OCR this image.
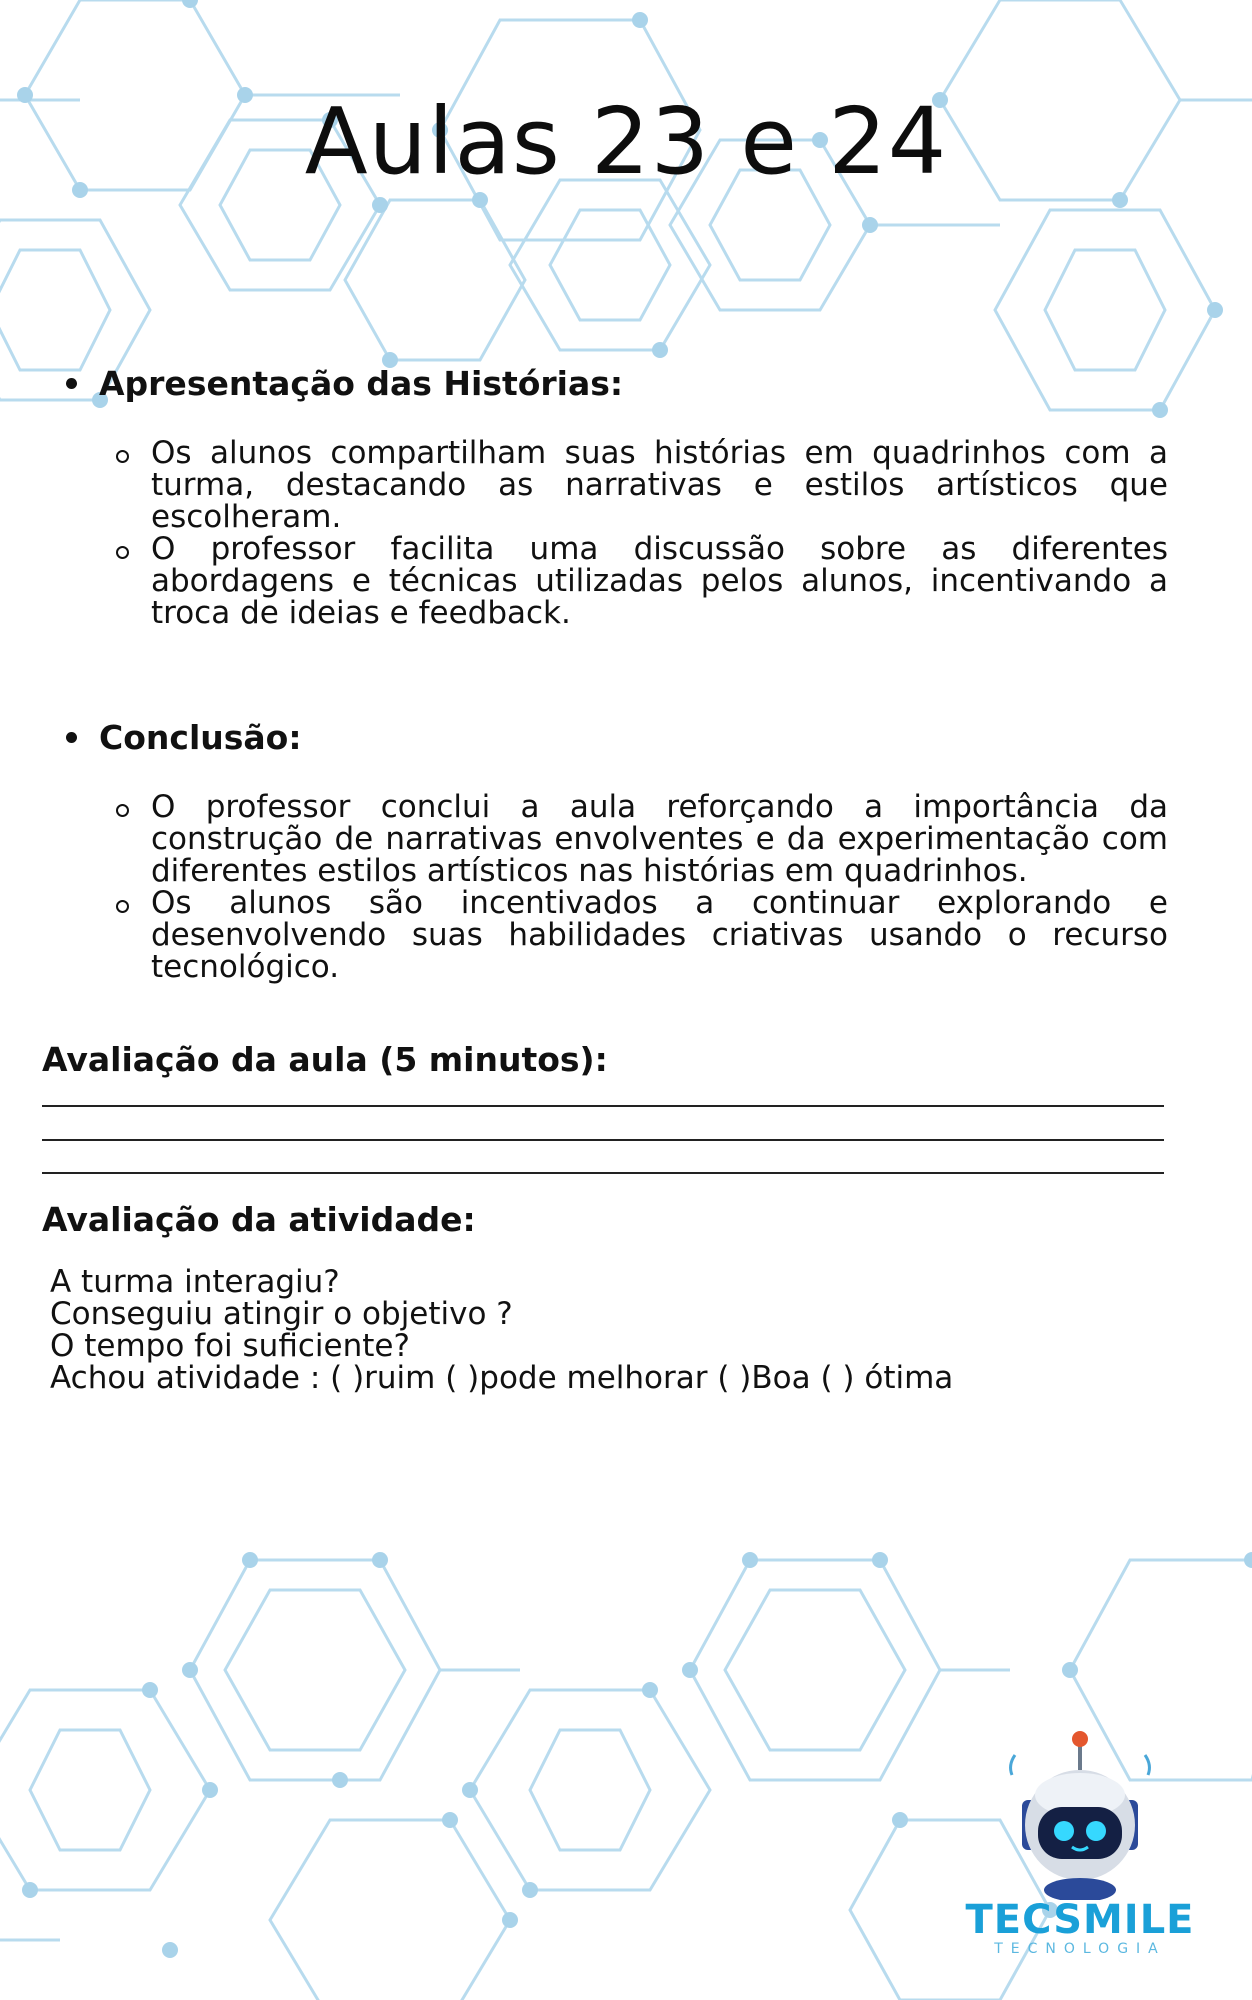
Aulas 23 e 24
Apresentação das Histórias:
Os alunos compartilham suas histórias em quadrinhos com a turma, destacando as narrativas e estilos artísticos que escolheram.
O professor facilita uma discussão sobre as diferentes abordagens e técnicas utilizadas pelos alunos, incentivando a troca de ideias e feedback.
Conclusão:
O professor conclui a aula reforçando a importância da construção de narrativas envolventes e da experimentação com diferentes estilos artísticos nas histórias em quadrinhos.
Os alunos são incentivados a continuar explorando e desenvolvendo suas habilidades criativas usando o recurso tecnológico.
Avaliação da aula (5 minutos):
Avaliação da atividade:
A turma interagiu?
Conseguiu atingir o objetivo ?
O tempo foi suficiente?
Achou atividade : ( )ruim ( )pode melhorar ( )Boa ( ) ótima
TECSMILE
TECNOLOGIA
